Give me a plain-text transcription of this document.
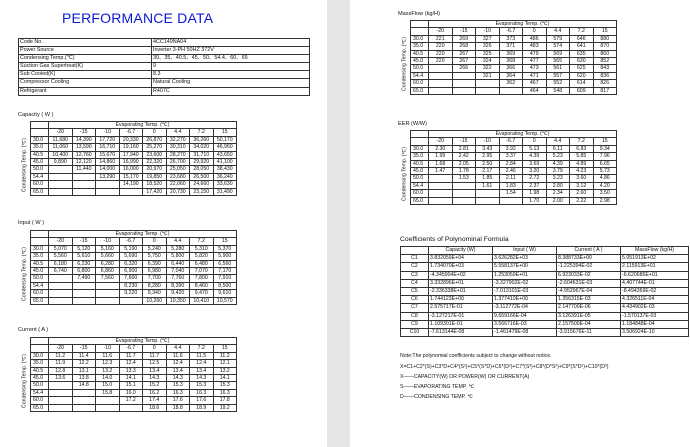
PERFORMANCE DATA
Code No.	4CC149NA04
Power Source	Inverter 3-PH 50HZ 372V
Condensing Temp.(℃)	30、35、40.5、45、50、54.4、60、65
Suction Gas Superheat(K)	9
Sub Cooled(K)	8.3
Compressor Cooling	Natural Cooling
Refrigerant	R407C
Capacity ( W )
	Evaporating Temp. (℃)							
	-20	-15	-10	-6.7	0	4.4	7.2	15
30.0	11,680	14,390	17,720	20,330	26,870	32,270	36,260	50,170
35.0	11,060	13,590	16,710	19,160	25,270	30,310	34,020	46,960
40.5	10,400	12,760	15,670	17,940	23,600	28,270	31,710	43,650
45.0	9,890	12,120	14,860	16,990	22,320	26,700	29,920	41,100
50.0		11,440	14,000	16,000	20,970	25,050	28,050	38,430
54.4			13,290	15,170	19,850	23,680	26,500	36,240
60.0				14,190	18,520	22,060	24,660	33,630
65.0					17,420	20,730	23,150	31,490
Condensing Temp. (℃)
Input ( W )
	Evaporating Temp. (℃)								
	-20	-15	-10	-6.7	0	4.4	7.2	15	
30.0	5,070	5,120	5,160	5,190	5,240	5,280	5,310	5,370	
35.0	5,560	5,610	5,660	5,690	5,750	5,800	5,820	5,900	
40.5	6,180	6,230	6,280	6,320	6,390	6,440	6,480	6,560	
45.0	6,740	6,800	6,860	6,900	6,980	7,040	7,070	7,170	
50.0		7,490	7,560	7,600	7,700	7,760	7,800	7,910	
54.4				8,230	8,280	8,390	8,460	8,500	
60.0				9,220	9,340	9,420	9,470	9,610	
65.0					10,260	10,350	10,410	10,570	
Condensing Temp. (℃)
Current ( A )
	Evaporating Temp. (℃)							
	-20	-15	-10	-6.7	0	4.4	7.2	15
30.0	11.2	11.4	11.6	11.7	11.7	11.6	11.5	11.2
35.0	11.9	12.2	12.3	12.4	12.5	12.4	12.4	12.1
40.5	12.8	13.1	13.2	13.3	13.4	13.4	13.4	13.2
45.0	13.6	13.8	14.0	14.1	14.3	14.3	14.3	14.1
50.0		14.8	15.0	15.1	15.2	15.3	15.3	15.3
54.4			15.8	16.0	16.2	16.3	16.3	16.3
60.0				17.2	17.4	17.6	17.6	17.8
65.0					18.6	18.8	18.9	19.2
Condensing Temp. (℃)
MassFlow (kg/H)
	Evaporating Temp. (℃)							
	-20	-15	-10	-6.7	0	4.4	7.2	15
30.0	221	269	327	373	486	579	646	880
35.0	220	268	326	371	483	574	641	870
40.5	220	267	325	369	479	569	635	860
45.0	220	267	324	368	477	565	630	852
50.0		266	322	366	473	561	625	843
54.4			321	364	471	557	620	836
60.0				362	467	552	614	826
65.0					464	548	609	817
Condensing Temp. (℃)
EER (W/W)
	Evaporating Temp. (℃)							
	-20	-15	-10	-6.7	0	4.4	7.2	15
30.0	2.30	2.81	3.43	3.92	5.13	6.11	6.83	9.34
35.0	1.99	2.42	2.95	3.37	4.39	5.23	5.85	7.96
40.5	1.68	2.05	2.50	2.84	3.69	4.39	4.89	6.65
45.0	1.47	1.78	2.17	2.46	3.20	3.79	4.23	5.73
50.0		1.53	1.85	2.11	2.72	3.23	3.60	4.86
54.4			1.61	1.83	2.37	2.80	3.12	4.20
60.0				1.54	1.98	2.34	2.60	3.50
65.0					1.70	2.00	2.22	2.98
Condensing Temp. (℃)
Coefficients of Polynominal Formula
	Capacity (W)	Input ( W)	Current ( A )	MassFlow (kg/H)
C1	3.832059E+04	3.626282E+03	8.388733E+00	5.051913E+02
C2	1.734070E+03	5.558137E+00	-1.225394E-02	2.115913E+01
C3	-4.345904E+02	1.253059E+01	6.923033E-02	-6.620686E+01
C4	3.332896E+01	-3.327902E-02	-2.604631E-03	4.407744E-01
C5	-2.336338E+01	-7.013101E-03	-4.952967E-04	-8.494369E-02
C6	1.744123E+00	1.377410E+00	1.356315E-03	4.326511E-04
C7	2.575717E-01	-3.112772E-04	2.147700E-06	4.434902E-03
C8	-3.127217E-01	9.659166E-04	3.126391E-05	-1.570137E-03
C9	1.109301E-01	3.566716E-03	2.157500E-04	1.184848E-04
C10	-7.613144E-08	-1.461479E-08	-3.915676E-11	3.506924E-10
Note:The polynomial coefficients subject to change without notice.
X=C1+C2*(S)+C3*D+C4*(S²)+C5*(S*D)+C6*(D²)+C7*(S³)+C8*(D*S²)+C9*(S*D²)+C10*(D³)
X——CAPACITY(W) OR POWER(W) OR CURRENT(A)
S——EVAPORATING TEMP. ℃
D——CONDENSING TEMP. ℃
